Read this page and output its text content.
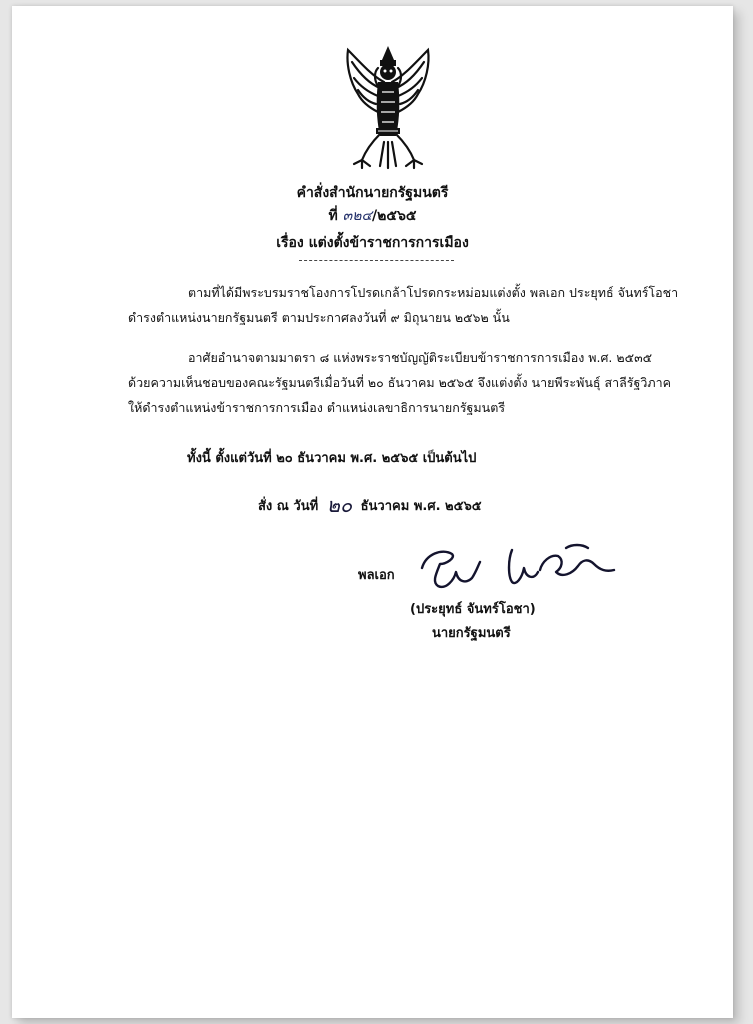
คำสั่งสำนักนายกรัฐมนตรี
ที่ ๓๒๔/๒๕๖๕
เรื่อง แต่งตั้งข้าราชการการเมือง
ตามที่ได้มีพระบรมราชโองการโปรดเกล้าโปรดกระหม่อมแต่งตั้ง พลเอก ประยุทธ์ จันทร์โอชา
ดำรงตำแหน่งนายกรัฐมนตรี ตามประกาศลงวันที่ ๙ มิถุนายน ๒๕๖๒ นั้น
อาศัยอำนาจตามมาตรา ๘ แห่งพระราชบัญญัติระเบียบข้าราชการการเมือง พ.ศ. ๒๕๓๕
ด้วยความเห็นชอบของคณะรัฐมนตรีเมื่อวันที่ ๒๐ ธันวาคม ๒๕๖๕ จึงแต่งตั้ง นายพีระพันธุ์ สาลีรัฐวิภาค
ให้ดำรงตำแหน่งข้าราชการการเมือง ตำแหน่งเลขาธิการนายกรัฐมนตรี
ทั้งนี้ ตั้งแต่วันที่ ๒๐ ธันวาคม พ.ศ. ๒๕๖๕ เป็นต้นไป
สั่ง ณ วันที่ ๒๐ ธันวาคม พ.ศ. ๒๕๖๕
พลเอก
(ประยุทธ์ จันทร์โอชา)
นายกรัฐมนตรี
